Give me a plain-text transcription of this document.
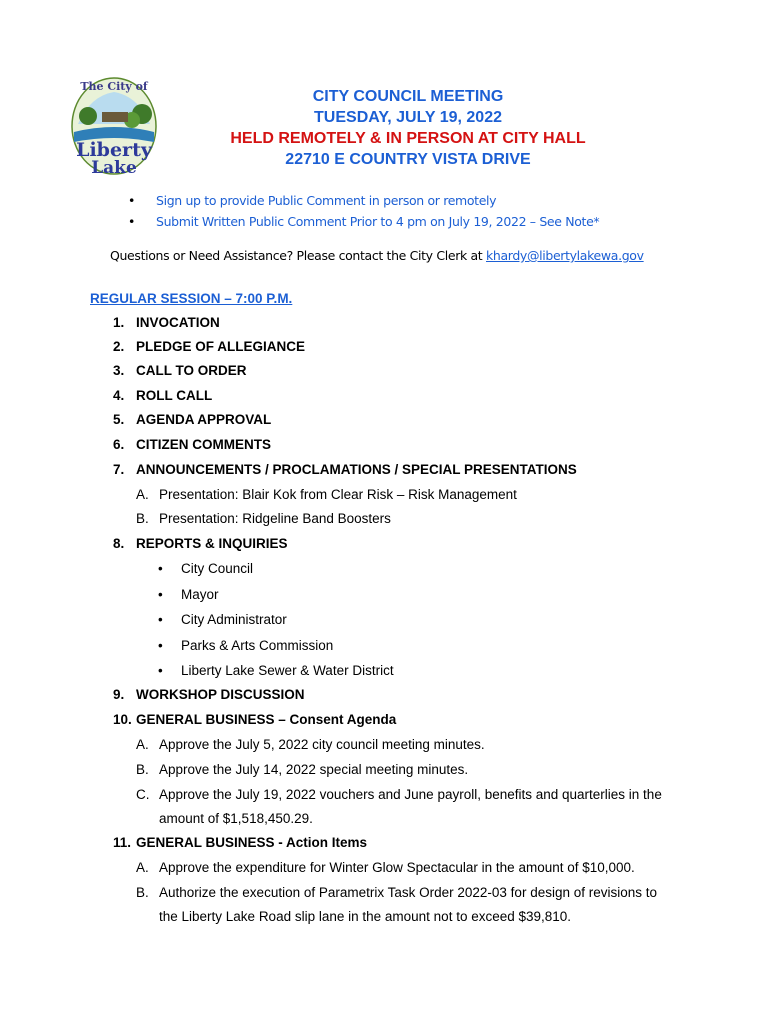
The City of
Liberty
Lake
CITY COUNCIL MEETING
TUESDAY, JULY 19, 2022
HELD REMOTELY & IN PERSON AT CITY HALL
22710 E COUNTRY VISTA DRIVE
• Sign up to provide Public Comment in person or remotely
• Submit Written Public Comment Prior to 4 pm on July 19, 2022 – See Note*
Questions or Need Assistance? Please contact the City Clerk at khardy@libertylakewa.gov
REGULAR SESSION – 7:00 P.M.
1. INVOCATION
2. PLEDGE OF ALLEGIANCE
3. CALL TO ORDER
4. ROLL CALL
5. AGENDA APPROVAL
6. CITIZEN COMMENTS
7. ANNOUNCEMENTS / PROCLAMATIONS / SPECIAL PRESENTATIONS
A. Presentation: Blair Kok from Clear Risk – Risk Management
B. Presentation: Ridgeline Band Boosters
8. REPORTS & INQUIRIES
• City Council
• Mayor
• City Administrator
• Parks & Arts Commission
• Liberty Lake Sewer & Water District
9. WORKSHOP DISCUSSION
10. GENERAL BUSINESS – Consent Agenda
A. Approve the July 5, 2022 city council meeting minutes.
B. Approve the July 14, 2022 special meeting minutes.
C. Approve the July 19, 2022 vouchers and June payroll, benefits and quarterlies in the
amount of $1,518,450.29.
11. GENERAL BUSINESS - Action Items
A. Approve the expenditure for Winter Glow Spectacular in the amount of $10,000.
B. Authorize the execution of Parametrix Task Order 2022-03 for design of revisions to
the Liberty Lake Road slip lane in the amount not to exceed $39,810.
